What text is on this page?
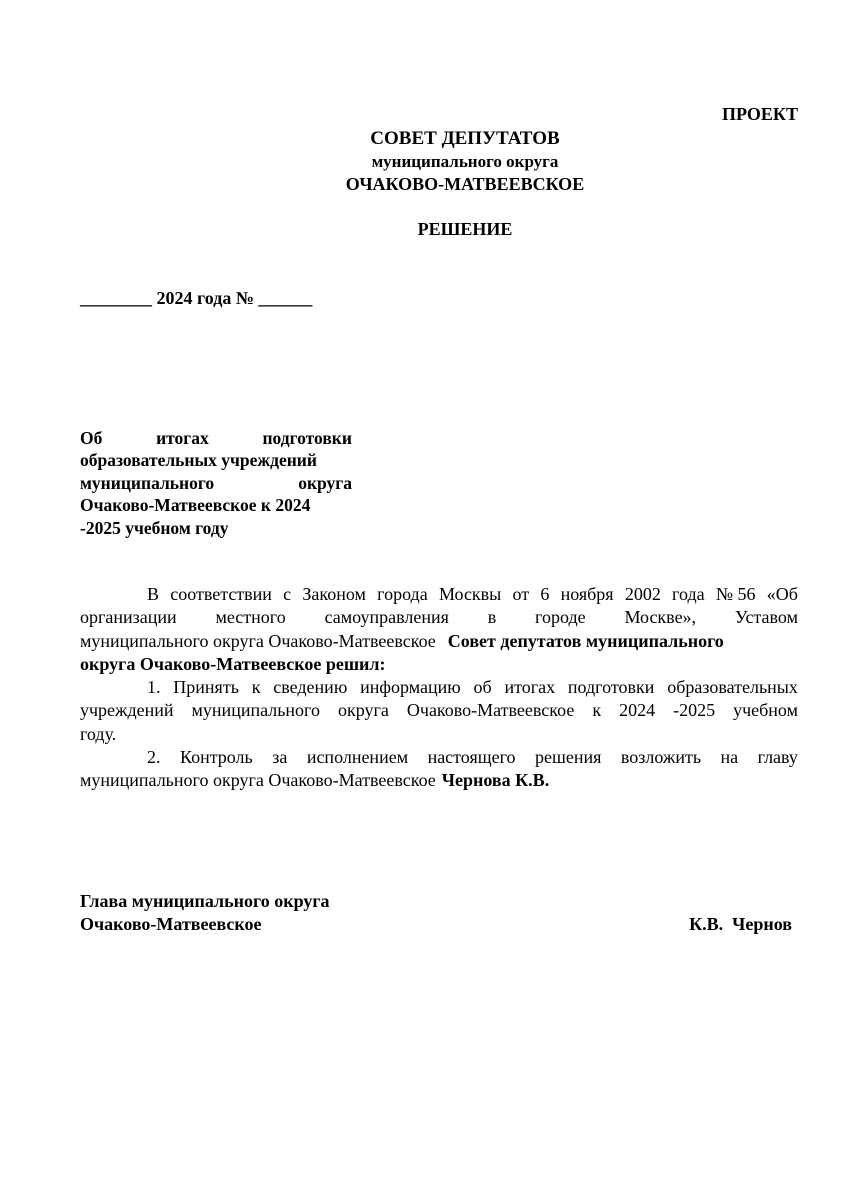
ПРОЕКТ
СОВЕТ ДЕПУТАТОВ
муниципального округа
ОЧАКОВО-МАТВЕЕВСКОЕ
РЕШЕНИЕ
________ 2024 года № ______
Об	итогах	подготовки
образовательных учреждений
муниципального	округа
Очаково-Матвеевское к 2024
-2025 учебном году
В соответствии с Законом города Москвы от 6 ноября 2002 года № 56 «Об
организации местного самоуправления в городе Москве», Уставом
муниципального округа Очаково-Матвеевское Совет депутатов муниципального
округа Очаково-Матвеевское решил:
1. Принять к сведению информацию об итогах подготовки образовательных
учреждений муниципального округа Очаково-Матвеевское к 2024 -2025 учебном
году.
2. Контроль за исполнением настоящего решения возложить на главу
муниципального округа Очаково-Матвеевское Чернова К.В.
Глава муниципального округа
Очаково-Матвеевское	К.В.  Чернов
